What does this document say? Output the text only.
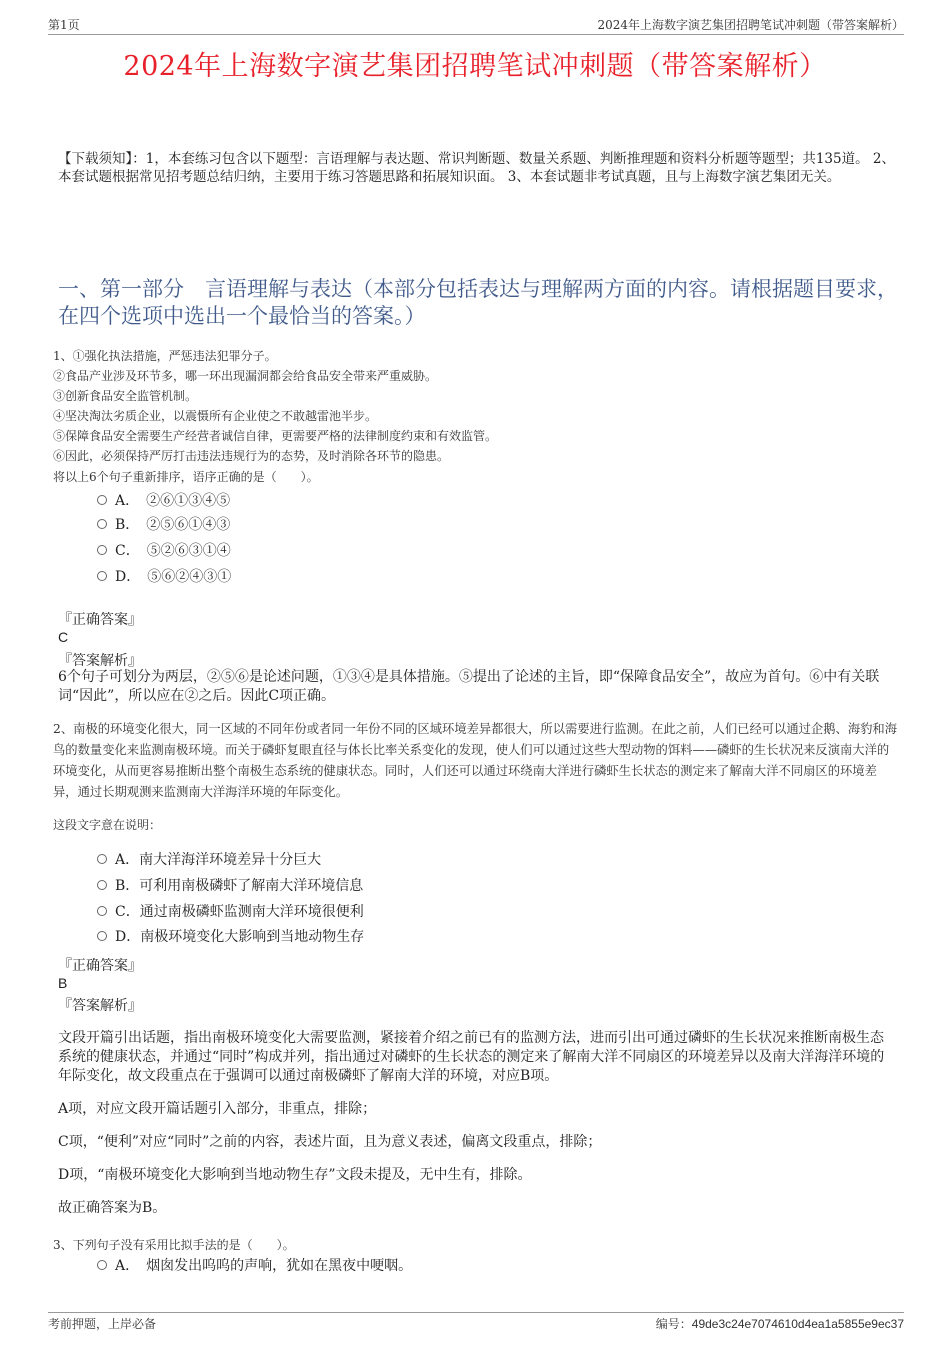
第1页	2024年上海数字演艺集团招聘笔试冲刺题（带答案解析）
2024年上海数字演艺集团招聘笔试冲刺题（带答案解析）
【下载须知】：1，本套练习包含以下题型：言语理解与表达题、常识判断题、数量关系题、判断推理题和资料分析题等题型；共135道。 2、本套试题根据常见招考题总结归纳，主要用于练习答题思路和拓展知识面。 3、本套试题非考试真题，且与上海数字演艺集团无关。
一、第一部分　言语理解与表达（本部分包括表达与理解两方面的内容。请根据题目要求，在四个选项中选出一个最恰当的答案。）
1、①强化执法措施，严惩违法犯罪分子。
②食品产业涉及环节多，哪一环出现漏洞都会给食品安全带来严重威胁。
③创新食品安全监管机制。
④坚决淘汰劣质企业，以震慑所有企业使之不敢越雷池半步。
⑤保障食品安全需要生产经营者诚信自律，更需要严格的法律制度约束和有效监管。
⑥因此，必须保持严厉打击违法违规行为的态势，及时消除各环节的隐患。
将以上6个句子重新排序，语序正确的是（　　）。
A．　②⑥①③④⑤
B．　②⑤⑥①④③
C．　⑤②⑥③①④
D．　⑤⑥②④③①
『正确答案』
C
『答案解析』
6个句子可划分为两层，②⑤⑥是论述问题，①③④是具体措施。⑤提出了论述的主旨，即“保障食品安全”，故应为首句。⑥中有关联词“因此”，所以应在②之后。因此C项正确。
2、南极的环境变化很大，同一区域的不同年份或者同一年份不同的区域环境差异都很大，所以需要进行监测。在此之前，人们已经可以通过企鹅、海豹和海鸟的数量变化来监测南极环境。而关于磷虾复眼直径与体长比率关系变化的发现，使人们可以通过这些大型动物的饵料——磷虾的生长状况来反演南大洋的环境变化，从而更容易推断出整个南极生态系统的健康状态。同时，人们还可以通过环绕南大洋进行磷虾生长状态的测定来了解南大洋不同扇区的环境差异，通过长期观测来监测南大洋海洋环境的年际变化。
这段文字意在说明：
A．南大洋海洋环境差异十分巨大
B．可利用南极磷虾了解南大洋环境信息
C．通过南极磷虾监测南大洋环境很便利
D．南极环境变化大影响到当地动物生存
『正确答案』
B
『答案解析』
文段开篇引出话题，指出南极环境变化大需要监测，紧接着介绍之前已有的监测方法，进而引出可通过磷虾的生长状况来推断南极生态系统的健康状态，并通过“同时”构成并列，指出通过对磷虾的生长状态的测定来了解南大洋不同扇区的环境差异以及南大洋海洋环境的年际变化，故文段重点在于强调可以通过南极磷虾了解南大洋的环境，对应B项。
A项，对应文段开篇话题引入部分，非重点，排除；
C项，“便利”对应“同时”之前的内容，表述片面，且为意义表述，偏离文段重点，排除；
D项，“南极环境变化大影响到当地动物生存”文段未提及，无中生有，排除。
故正确答案为B。
3、下列句子没有采用比拟手法的是（　　）。
A．　烟囱发出呜呜的声响，犹如在黑夜中哽咽。
考前押题，上岸必备	编号：49de3c24e7074610d4ea1a5855e9ec37
